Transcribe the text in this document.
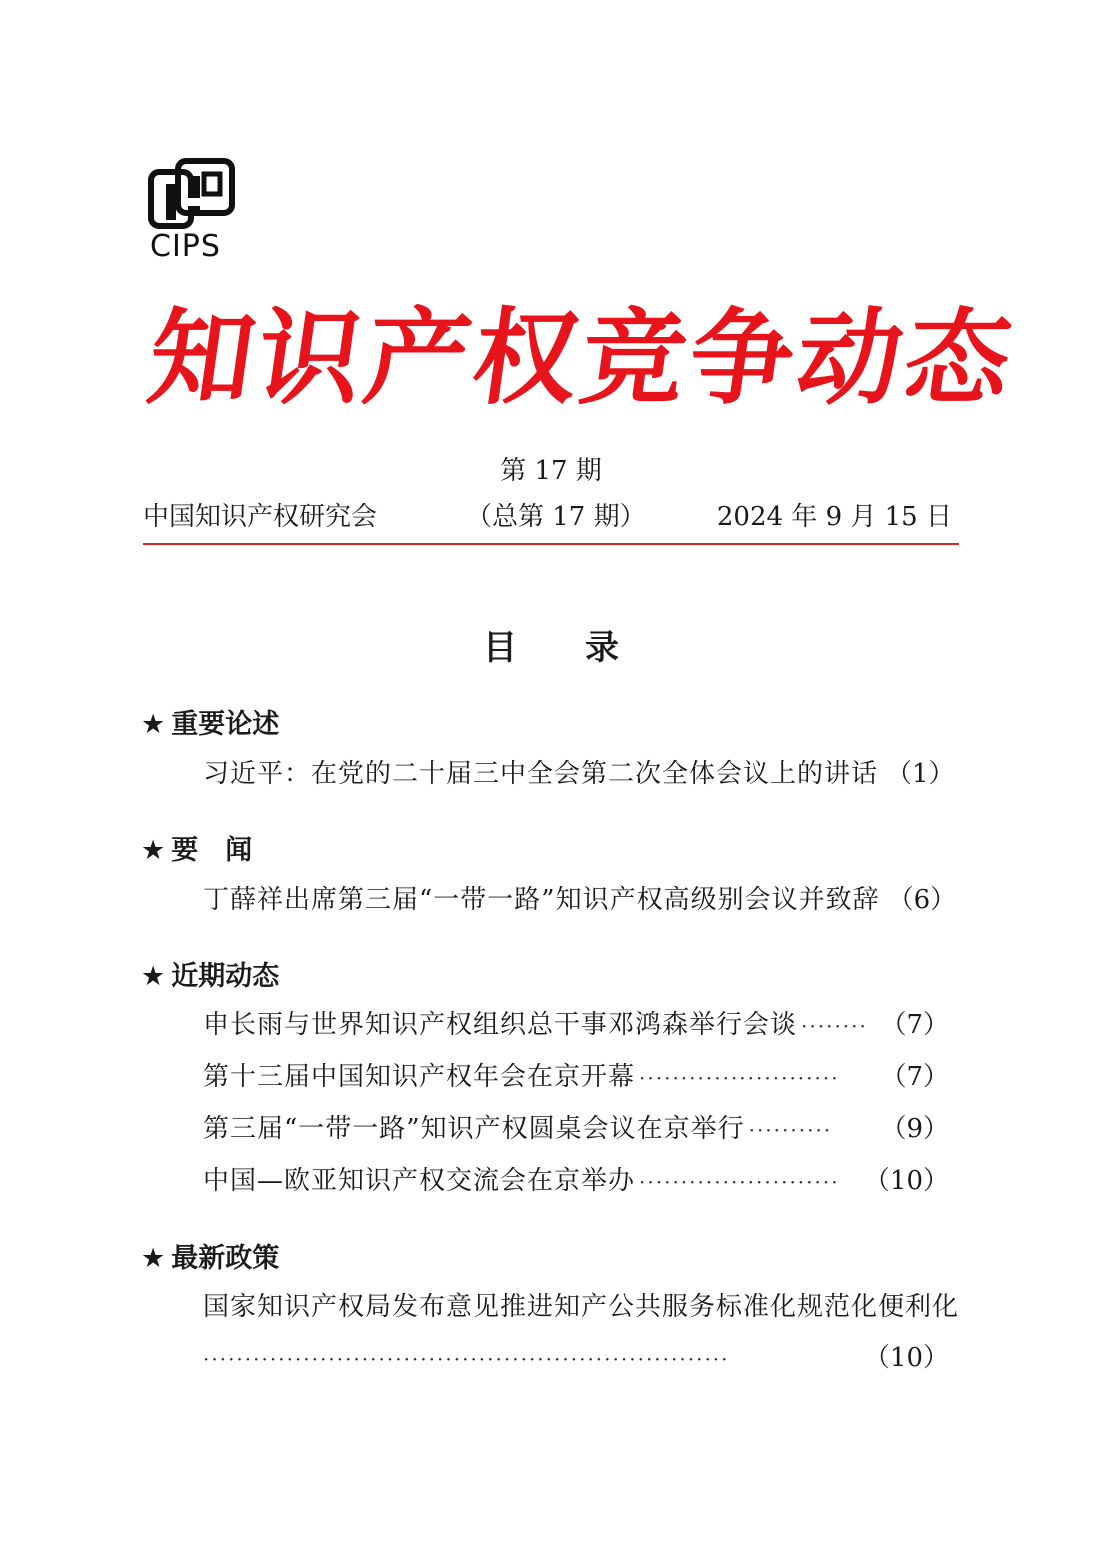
CIPS
知识产权竞争动态
第 17 期
中国知识产权研究会	（总第 17 期）	2024 年 9 月 15 日
目　　录
★ 重要论述
习近平：在党的二十届三中全会第二次全体会议上的讲话 （1）
★ 要　闻
丁薛祥出席第三届“一带一路”知识产权高级别会议并致辞 （6）
★ 近期动态
申长雨与世界知识产权组织总干事邓鸿森举行会谈 ········ （7）
第十三届中国知识产权年会在京开幕 ························	（7）
第三届“一带一路”知识产权圆桌会议在京举行 ··········	（9）
中国—欧亚知识产权交流会在京举办 ························ （10）
★ 最新政策
国家知识产权局发布意见推进知产公共服务标准化规范化便利化
·······························································	（10）
